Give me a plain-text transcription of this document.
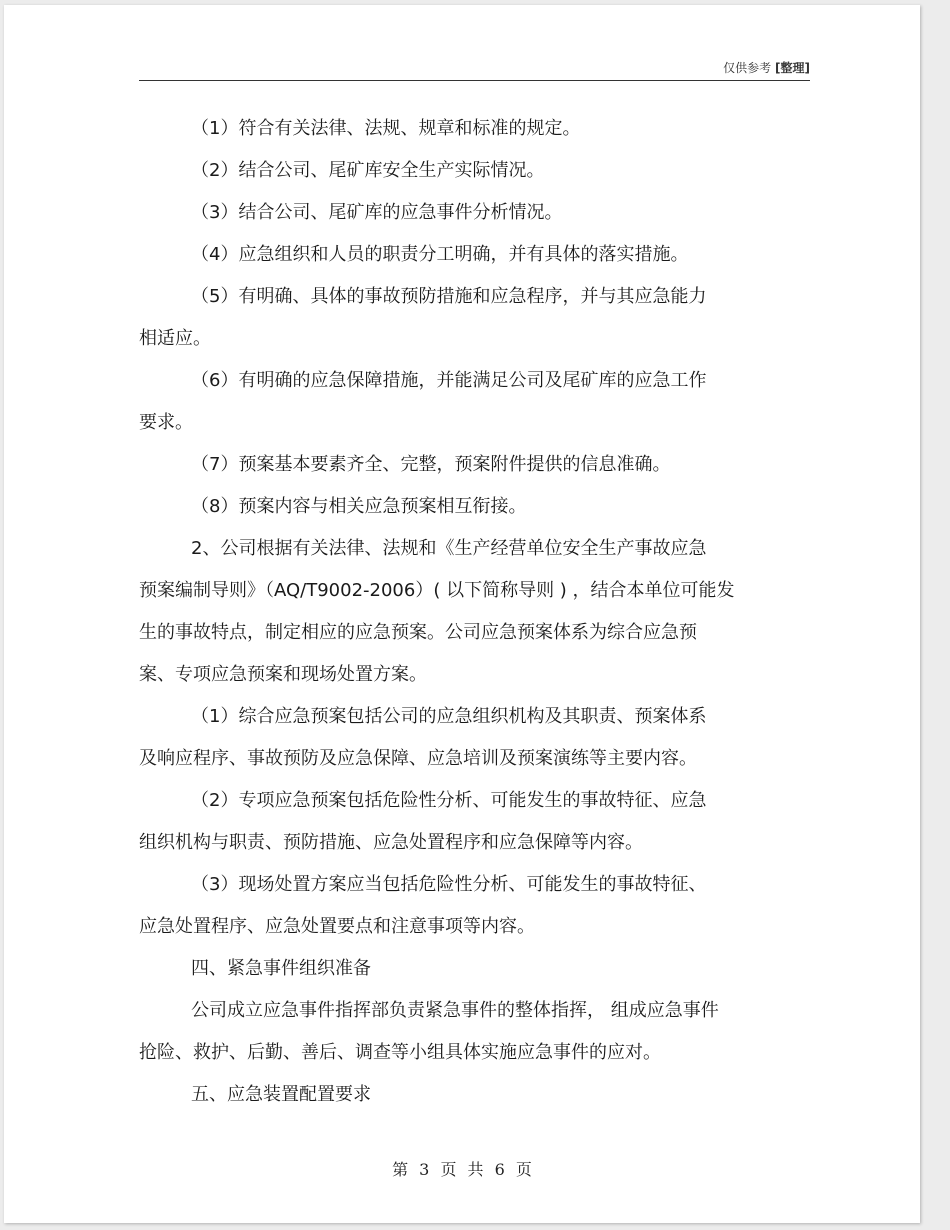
仅供参考 [整理]
（1）符合有关法律、法规、规章和标准的规定。
（2）结合公司、尾矿库安全生产实际情况。
（3）结合公司、尾矿库的应急事件分析情况。
（4）应急组织和人员的职责分工明确，并有具体的落实措施。
（5）有明确、具体的事故预防措施和应急程序，并与其应急能力
相适应。
（6）有明确的应急保障措施，并能满足公司及尾矿库的应急工作
要求。
（7）预案基本要素齐全、完整，预案附件提供的信息准确。
（8）预案内容与相关应急预案相互衔接。
2、公司根据有关法律、法规和《生产经营单位安全生产事故应急
预案编制导则》（AQ/T9002-2006）( 以下简称导则 ) ，结合本单位可能发
生的事故特点，制定相应的应急预案。公司应急预案体系为综合应急预
案、专项应急预案和现场处置方案。
（1）综合应急预案包括公司的应急组织机构及其职责、预案体系
及响应程序、事故预防及应急保障、应急培训及预案演练等主要内容。
（2）专项应急预案包括危险性分析、可能发生的事故特征、应急
组织机构与职责、预防措施、应急处置程序和应急保障等内容。
（3）现场处置方案应当包括危险性分析、可能发生的事故特征、
应急处置程序、应急处置要点和注意事项等内容。
四、紧急事件组织准备
公司成立应急事件指挥部负责紧急事件的整体指挥， 组成应急事件
抢险、救护、后勤、善后、调查等小组具体实施应急事件的应对。
五、应急装置配置要求
第 3 页 共 6 页
